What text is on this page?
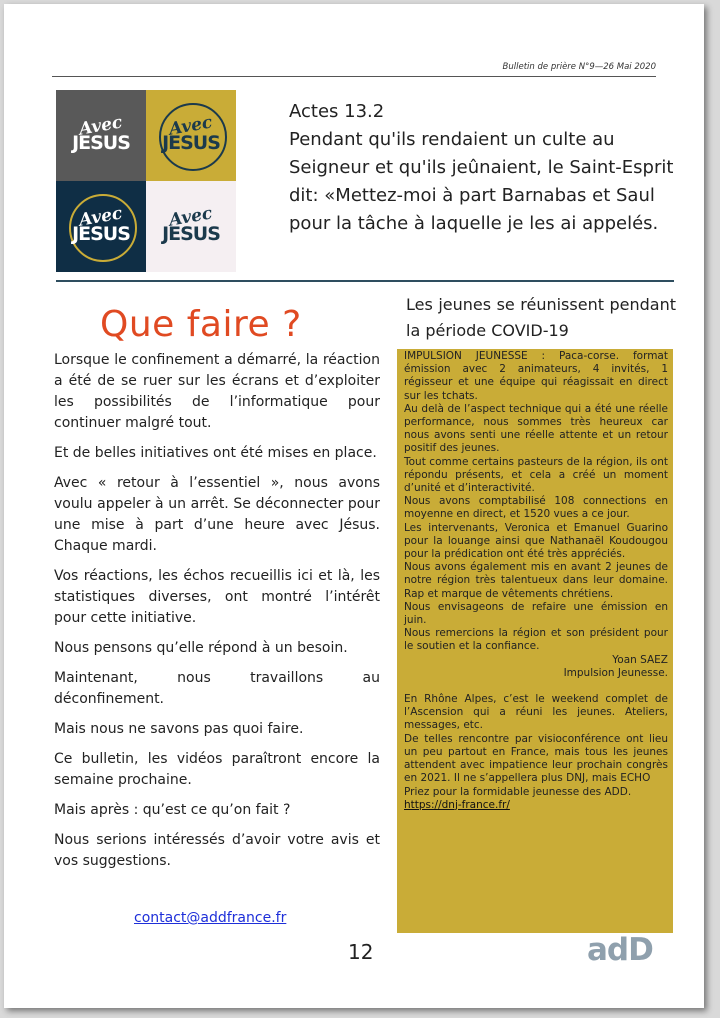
Bulletin de prière N°9—26 Mai 2020
Avec
JESUS
Avec
JESUS
Avec
JESUS
Avec
JESUS
Actes 13.2
Pendant qu'ils rendaient un culte au Seigneur et qu'ils jeûnaient, le Saint-Esprit dit: «Mettez-moi à part Barnabas et Saul pour la tâche à laquelle je les ai appelés.
Que faire ?

Lorsque le confinement a démarré, la réaction a été de se ruer sur les écrans et d’exploiter les possibilités de l’informatique pour continuer malgré tout.

Et de belles initiatives ont été mises en place.

Avec « retour à l’essentiel », nous avons voulu appeler à un arrêt. Se déconnecter pour une mise à part d’une heure avec Jésus. Chaque mardi.

Vos réactions, les échos recueillis ici et là, les statistiques diverses, ont montré l’intérêt pour cette initiative.

Nous pensons qu’elle répond à un besoin.

Maintenant, nous travaillons au déconfinement.

Mais nous ne savons pas quoi faire.

Ce bulletin, les vidéos paraîtront encore la semaine prochaine.

Mais après : qu’est ce qu’on fait ?

Nous serions intéressés d’avoir votre avis et vos suggestions.

contact@addfrance.fr
12
Les jeunes se réunissent pendant la période COVID-19

IMPULSION JEUNESSE : Paca-corse. format émission avec 2 animateurs, 4 invités, 1 régisseur et une équipe qui réagissait en direct sur les tchats.

Au delà de l’aspect technique qui a été une réelle performance, nous sommes très heureux car nous avons senti une réelle attente et un retour positif des jeunes.

Tout comme certains pasteurs de la région, ils ont répondu présents, et cela a créé un moment d’unité et d’interactivité.

Nous avons comptabilisé 108 connections en moyenne en direct, et 1520 vues a ce jour.

Les intervenants, Veronica et Emanuel Guarino pour la louange ainsi que Nathanaël Koudougou pour la prédication ont été très appréciés.

Nous avons également mis en avant 2 jeunes de notre région très talentueux dans leur domaine. Rap et marque de vêtements chrétiens.

Nous envisageons de refaire une émission en juin.

Nous remercions la région et son président pour le soutien et la confiance.

Yoan SAEZ

Impulsion Jeunesse.

En Rhône Alpes, c’est le weekend complet de l’Ascension qui a réuni les jeunes. Ateliers, messages, etc.

De telles rencontre par visioconférence ont lieu un peu partout en France, mais tous les jeunes attendent avec impatience leur prochain congrès en 2021. Il ne s’appellera plus DNJ, mais ECHO

Priez pour la formidable jeunesse des ADD.

https://dnj-france.fr/

adD
